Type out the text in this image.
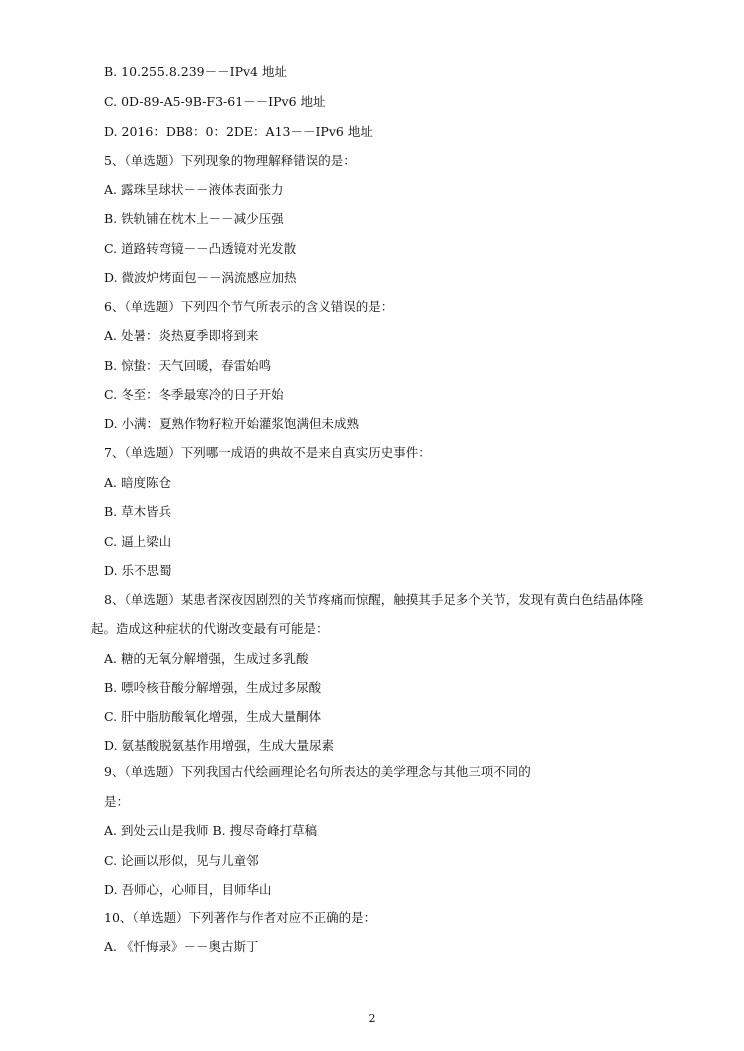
B. 10.255.8.239－－IPv4 地址
C. 0D-89-A5-9B-F3-61－－IPv6 地址
D. 2016：DB8：0：2DE：A13－－IPv6 地址
5、（单选题）下列现象的物理解释错误的是：
A. 露珠呈球状－－液体表面张力
B. 铁轨铺在枕木上－－减少压强
C. 道路转弯镜－－凸透镜对光发散
D. 微波炉烤面包－－涡流感应加热
6、（单选题）下列四个节气所表示的含义错误的是：
A. 处暑：炎热夏季即将到来
B. 惊蛰：天气回暖，春雷始鸣
C. 冬至：冬季最寒冷的日子开始
D. 小满：夏熟作物籽粒开始灌浆饱满但未成熟
7、（单选题）下列哪一成语的典故不是来自真实历史事件：
A. 暗度陈仓
B. 草木皆兵
C. 逼上梁山
D. 乐不思蜀
8、（单选题）某患者深夜因剧烈的关节疼痛而惊醒，触摸其手足多个关节，发现有黄白色结晶体隆
起。造成这种症状的代谢改变最有可能是：
A. 糖的无氧分解增强，生成过多乳酸
B. 嘌呤核苷酸分解增强，生成过多尿酸
C. 肝中脂肪酸氧化增强，生成大量酮体
D. 氨基酸脱氨基作用增强，生成大量尿素
9、（单选题）下列我国古代绘画理论名句所表达的美学理念与其他三项不同的
是：
A. 到处云山是我师 B. 搜尽奇峰打草稿
C. 论画以形似，见与儿童邻
D. 吾师心，心师目，目师华山
10、（单选题）下列著作与作者对应不正确的是：
A. 《忏悔录》－－奥古斯丁
2
